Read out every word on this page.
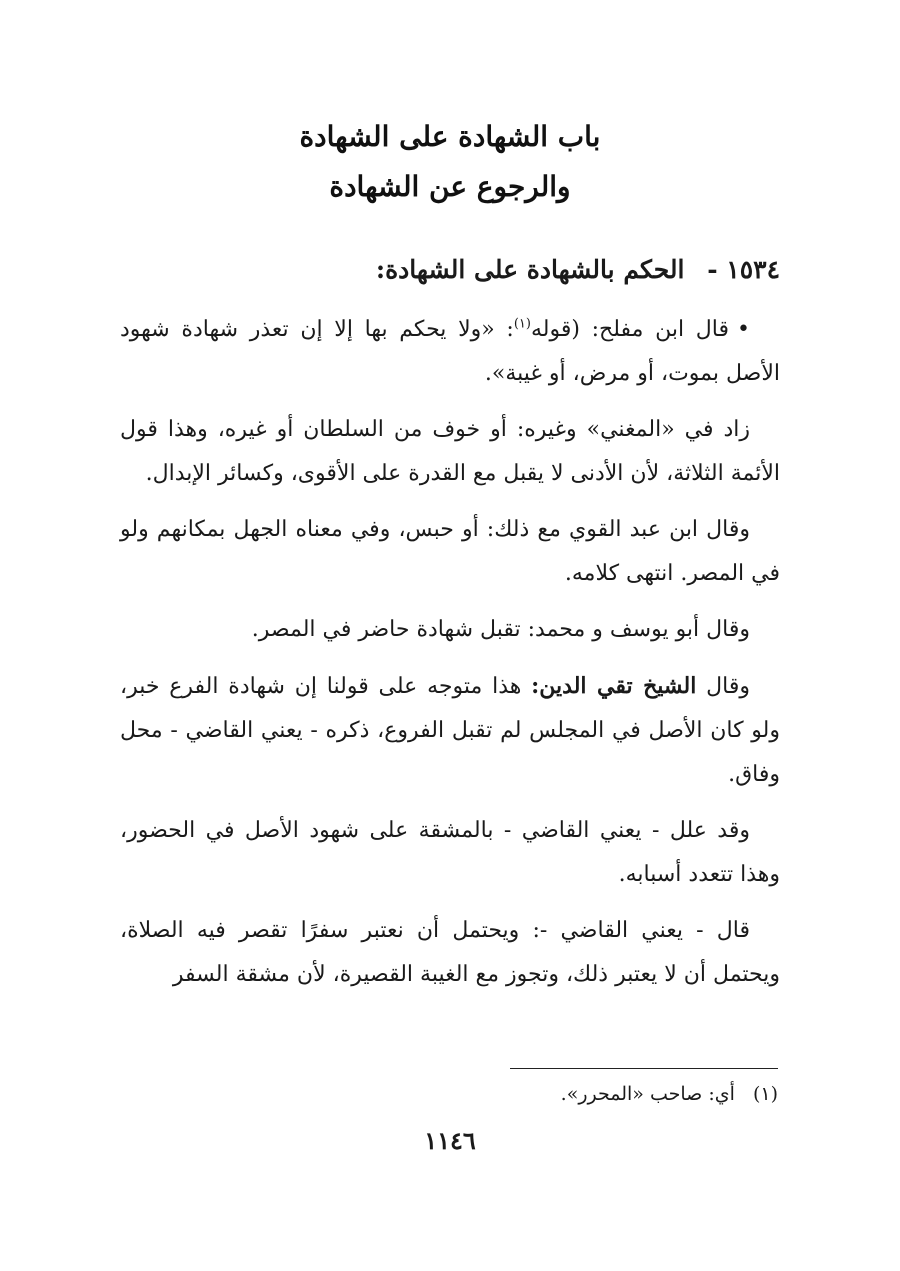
باب الشهادة على الشهادة
والرجوع عن الشهادة
١٥٣٤ - الحكم بالشهادة على الشهادة:

•قال ابن مفلح: (قوله$^{(١)}$: «ولا يحكم بها إلا إن تعذر شهادة شهود الأصل بموت، أو مرض، أو غيبة».

زاد في «المغني» وغيره: أو خوف من السلطان أو غيره، وهذا قول الأئمة الثلاثة، لأن الأدنى لا يقبل مع القدرة على الأقوى، وكسائر الإبدال.

وقال ابن عبد القوي مع ذلك: أو حبس، وفي معناه الجهل بمكانهم ولو في المصر. انتهى كلامه.

وقال أبو يوسف و محمد: تقبل شهادة حاضر في المصر.

وقال الشيخ تقي الدين: هذا متوجه على قولنا إن شهادة الفرع خبر، ولو كان الأصل في المجلس لم تقبل الفروع، ذكره - يعني القاضي - محل وفاق.

وقد علل - يعني القاضي - بالمشقة على شهود الأصل في الحضور، وهذا تتعدد أسبابه.

قال - يعني القاضي -: ويحتمل أن نعتبر سفرًا تقصر فيه الصلاة، ويحتمل أن لا يعتبر ذلك، وتجوز مع الغيبة القصيرة، لأن مشقة السفر

(١) أي: صاحب «المحرر».
١١٤٦
